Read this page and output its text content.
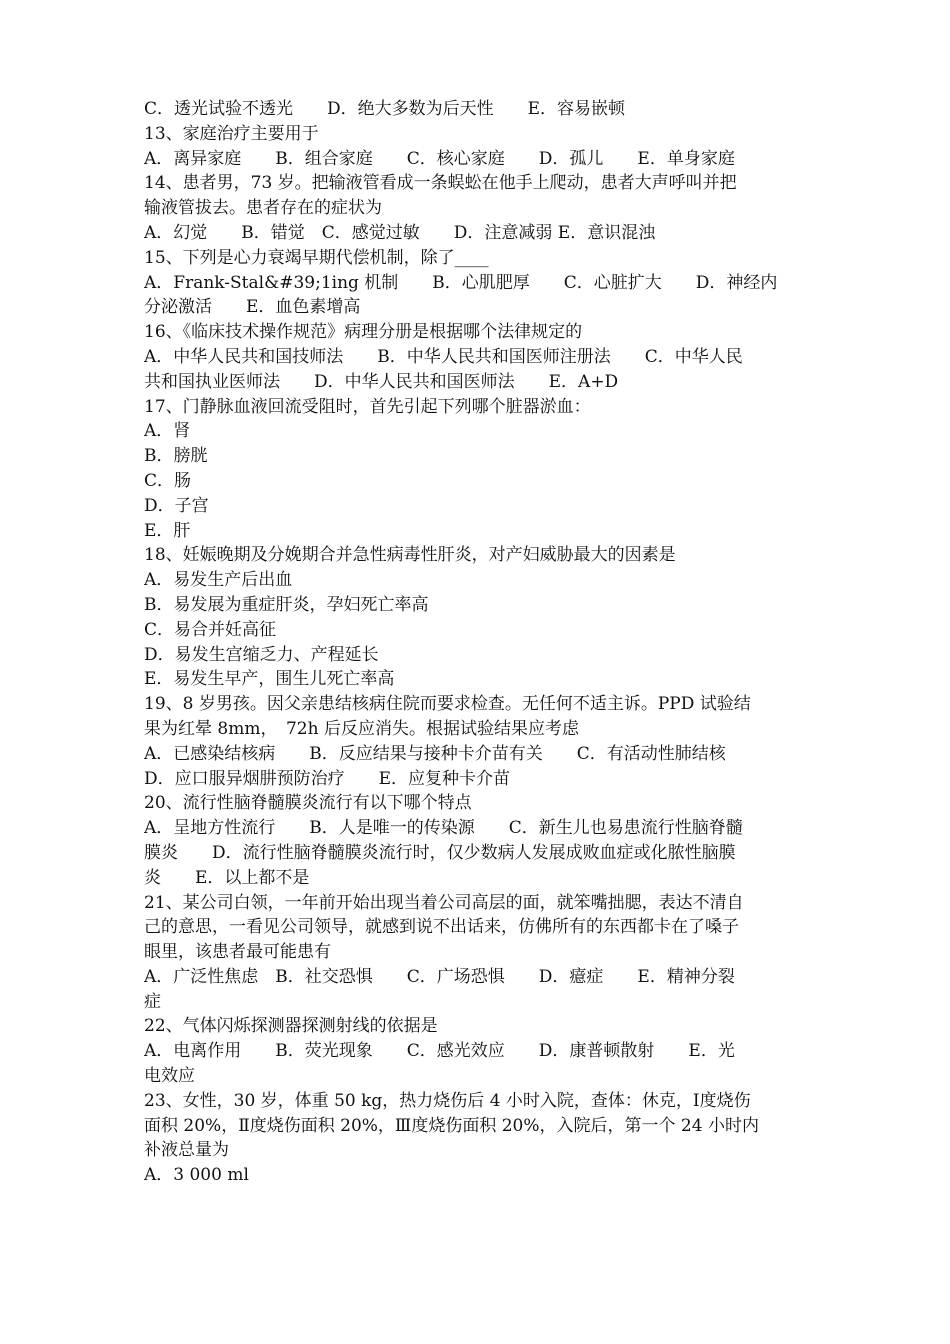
C．透光试验不透光　　D．绝大多数为后天性　　E．容易嵌顿
13、家庭治疗主要用于
A．离异家庭　　B．组合家庭　　C．核心家庭　　D．孤儿　　E．单身家庭
14、患者男，73 岁。把输液管看成一条蜈蚣在他手上爬动，患者大声呼叫并把
输液管拔去。患者存在的症状为
A．幻觉　　B．错觉　C．感觉过敏　　D．注意减弱 E．意识混浊
15、下列是心力衰竭早期代偿机制，除了____
A．Frank-Stal&#39;1ing 机制　　B．心肌肥厚　　C．心脏扩大　　D．神经内
分泌激活　　E．血色素增高
16、《临床技术操作规范》病理分册是根据哪个法律规定的
A．中华人民共和国技师法　　B．中华人民共和国医师注册法　　C．中华人民
共和国执业医师法　　D．中华人民共和国医师法　　E．A+D
17、门静脉血液回流受阻时，首先引起下列哪个脏器淤血：
A．肾
B．膀胱
C．肠
D．子宫
E．肝
18、妊娠晚期及分娩期合并急性病毒性肝炎，对产妇威胁最大的因素是
A．易发生产后出血
B．易发展为重症肝炎，孕妇死亡率高
C．易合并妊高征
D．易发生宫缩乏力、产程延长
E．易发生早产，围生儿死亡率高
19、8 岁男孩。因父亲患结核病住院而要求检查。无任何不适主诉。PPD 试验结
果为红晕 8mm，　72h 后反应消失。根据试验结果应考虑
A．已感染结核病　　B．反应结果与接种卡介苗有关　　C．有活动性肺结核
D．应口服异烟肼预防治疗　　E．应复种卡介苗
20、流行性脑脊髓膜炎流行有以下哪个特点
A．呈地方性流行　　B．人是唯一的传染源　　C．新生儿也易患流行性脑脊髓
膜炎　　D．流行性脑脊髓膜炎流行时，仅少数病人发展成败血症或化脓性脑膜
炎　　E．以上都不是
21、某公司白领，一年前开始出现当着公司高层的面，就笨嘴拙腮，表达不清自
己的意思，一看见公司领导，就感到说不出话来，仿佛所有的东西都卡在了嗓子
眼里，该患者最可能患有
A．广泛性焦虑　B．社交恐惧　　C．广场恐惧　　D．癔症　　E．精神分裂
症
22、气体闪烁探测器探测射线的依据是
A．电离作用　　B．荧光现象　　C．感光效应　　D．康普顿散射　　E．光
电效应
23、女性，30 岁，体重 50 kg，热力烧伤后 4 小时入院，查体：休克，Ⅰ度烧伤
面积 20%，Ⅱ度烧伤面积 20%，Ⅲ度烧伤面积 20%，入院后，第一个 24 小时内
补液总量为
A．3 000 ml
